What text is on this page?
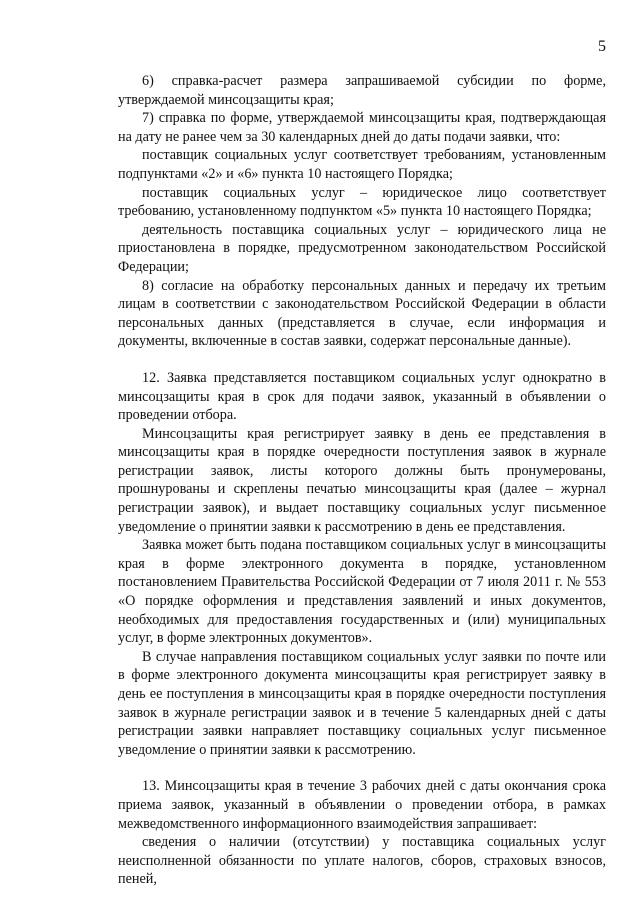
5

6) справка-расчет размера запрашиваемой субсидии по форме, утверждаемой минсоцзащиты края;

7) справка по форме, утверждаемой минсоцзащиты края, подтверждающая на дату не ранее чем за 30 календарных дней до даты подачи заявки, что:

поставщик социальных услуг соответствует требованиям, установленным подпунктами «2» и «6» пункта 10 настоящего Порядка;

поставщик социальных услуг – юридическое лицо соответствует требованию, установленному подпунктом «5» пункта 10 настоящего Порядка;

деятельность поставщика социальных услуг – юридического лица не приостановлена в порядке, предусмотренном законодательством Российской Федерации;

8) согласие на обработку персональных данных и передачу их третьим лицам в соответствии с законодательством Российской Федерации в области персональных данных (представляется в случае, если информация и документы, включенные в состав заявки, содержат персональные данные).

12. Заявка представляется поставщиком социальных услуг однократно в минсоцзащиты края в срок для подачи заявок, указанный в объявлении о проведении отбора.

Минсоцзащиты края регистрирует заявку в день ее представления в минсоцзащиты края в порядке очередности поступления заявок в журнале регистрации заявок, листы которого должны быть пронумерованы, прошнурованы и скреплены печатью минсоцзащиты края (далее – журнал регистрации заявок), и выдает поставщику социальных услуг письменное уведомление о принятии заявки к рассмотрению в день ее представления.

Заявка может быть подана поставщиком социальных услуг в минсоцзащиты края в форме электронного документа в порядке, установленном постановлением Правительства Российской Федерации от 7 июля 2011 г. № 553 «О порядке оформления и представления заявлений и иных документов, необходимых для предоставления государственных и (или) муниципальных услуг, в форме электронных документов».

В случае направления поставщиком социальных услуг заявки по почте или в форме электронного документа минсоцзащиты края регистрирует заявку в день ее поступления в минсоцзащиты края в порядке очередности поступления заявок в журнале регистрации заявок и в течение 5 календарных дней с даты регистрации заявки направляет поставщику социальных услуг письменное уведомление о принятии заявки к рассмотрению.

13. Минсоцзащиты края в течение 3 рабочих дней с даты окончания срока приема заявок, указанный в объявлении о проведении отбора, в рамках межведомственного информационного взаимодействия запрашивает:

сведения о наличии (отсутствии) у поставщика социальных услуг неисполненной обязанности по уплате налогов, сборов, страховых взносов, пеней,
